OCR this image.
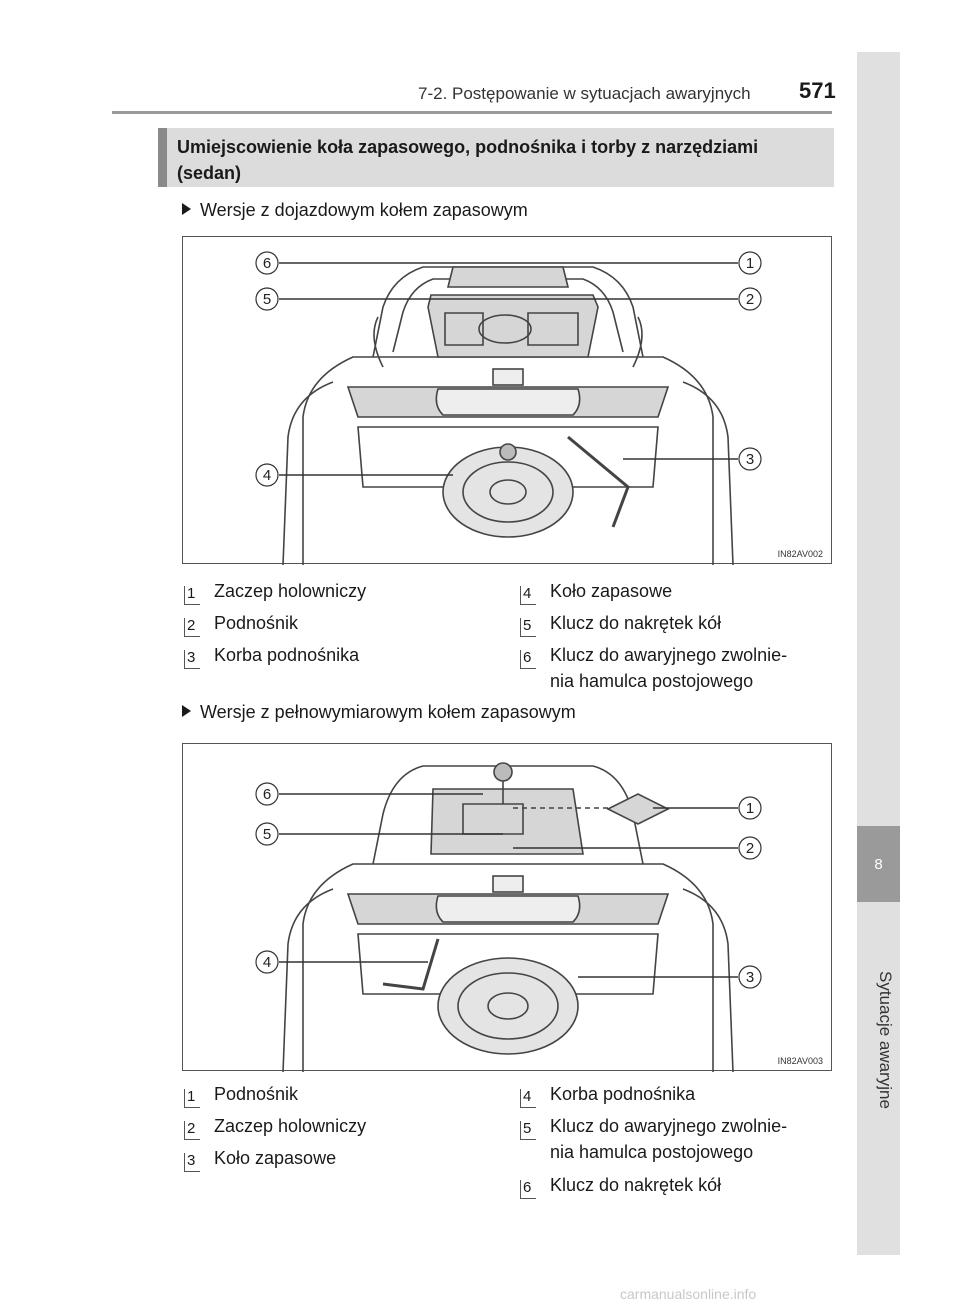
7-2. Postępowanie w sytuacjach awaryjnych 571
8
Sytuacje awaryjne
Umiejscowienie koła zapasowego, podnośnika i torby z narzędziami (sedan)
Wersje z dojazdowym kołem zapasowym
6
5
4
1
2
3
IN82AV002
1 Zaczep holowniczy
2 Podnośnik
3 Korba podnośnika
4 Koło zapasowe
5 Klucz do nakrętek kół
6 Klucz do awaryjnego zwolnie-
nia hamulca postojowego
Wersje z pełnowymiarowym kołem zapasowym
6
5
4
1
2
3
IN82AV003
1 Podnośnik
2 Zaczep holowniczy
3 Koło zapasowe
4 Korba podnośnika
5 Klucz do awaryjnego zwolnie-
nia hamulca postojowego
6 Klucz do nakrętek kół
carmanualsonline.info
